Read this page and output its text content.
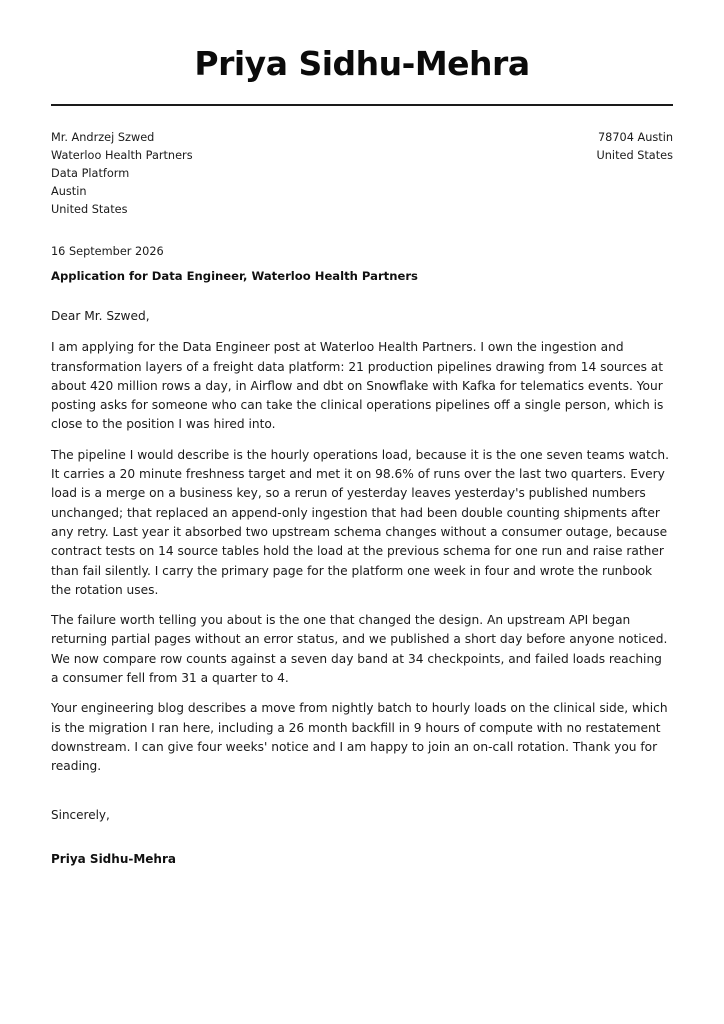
Priya Sidhu-Mehra
Mr. Andrzej Szwed
Waterloo Health Partners
Data Platform
Austin
United States
78704 Austin
United States
16 September 2026
Application for Data Engineer, Waterloo Health Partners

Dear Mr. Szwed,

I am applying for the Data Engineer post at Waterloo Health Partners. I own the ingestion and transformation layers of a freight data platform: 21 production pipelines drawing from 14 sources at about 420 million rows a day, in Airflow and dbt on Snowflake with Kafka for telematics events. Your posting asks for someone who can take the clinical operations pipelines off a single person, which is close to the position I was hired into.

The pipeline I would describe is the hourly operations load, because it is the one seven teams watch. It carries a 20 minute freshness target and met it on 98.6% of runs over the last two quarters. Every load is a merge on a business key, so a rerun of yesterday leaves yesterday's published numbers unchanged; that replaced an append-only ingestion that had been double counting shipments after any retry. Last year it absorbed two upstream schema changes without a consumer outage, because contract tests on 14 source tables hold the load at the previous schema for one run and raise rather than fail silently. I carry the primary page for the platform one week in four and wrote the runbook the rotation uses.

The failure worth telling you about is the one that changed the design. An upstream API began returning partial pages without an error status, and we published a short day before anyone noticed. We now compare row counts against a seven day band at 34 checkpoints, and failed loads reaching a consumer fell from 31 a quarter to 4.

Your engineering blog describes a move from nightly batch to hourly loads on the clinical side, which is the migration I ran here, including a 26 month backfill in 9 hours of compute with no restatement downstream. I can give four weeks' notice and I am happy to join an on-call rotation. Thank you for reading.

Sincerely,
Priya Sidhu-Mehra
